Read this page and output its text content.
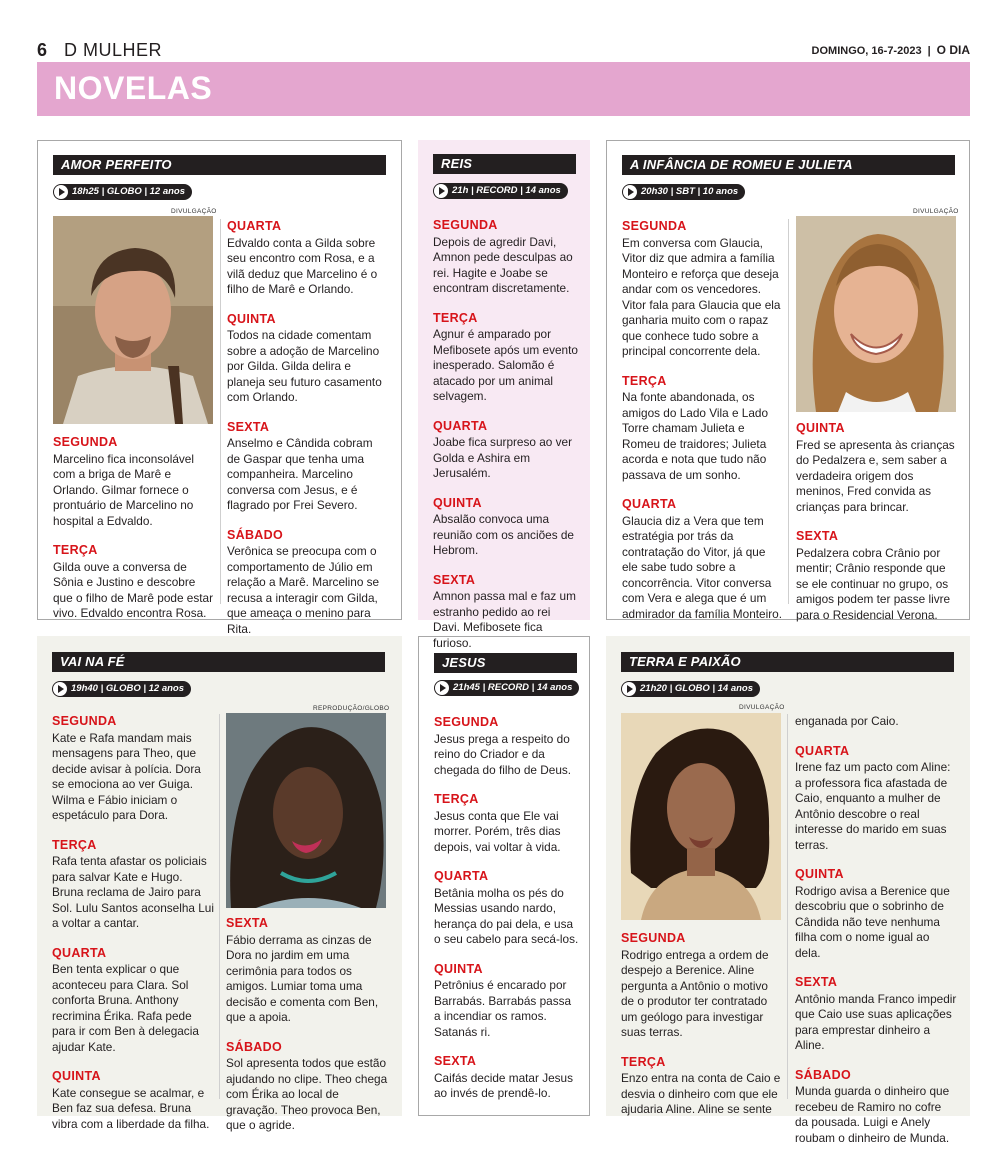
6 D MULHER	DOMINGO, 16-7-2023 | O DIA
NOVELAS
AMOR PERFEITO
18h25 | GLOBO | 12 anos
DIVULGAÇÃO
SEGUNDA

Marcelino fica inconsolável com a briga de Marê e Orlando. Gilmar fornece o prontuário de Marcelino no hospital a Edvaldo.

TERÇA

Gilda ouve a conversa de Sônia e Justino e descobre que o filho de Marê pode estar vivo. Edvaldo encontra Rosa.

QUARTA

Edvaldo conta a Gilda sobre seu encontro com Rosa, e a vilã deduz que Marcelino é o filho de Marê e Orlando.

QUINTA

Todos na cidade comentam sobre a adoção de Marcelino por Gilda. Gilda delira e planeja seu futuro casamento com Orlando.

SEXTA

Anselmo e Cândida cobram de Gaspar que tenha uma companheira. Marcelino conversa com Jesus, e é flagrado por Frei Severo.

SÁBADO

Verônica se preocupa com o comportamento de Júlio em relação a Marê. Marcelino se recusa a interagir com Gilda, que ameaça o menino para Rita.

REIS
21h | RECORD | 14 anos
SEGUNDA

Depois de agredir Davi, Amnon pede desculpas ao rei. Hagite e Joabe se encontram discretamente.

TERÇA

Agnur é amparado por Mefibosete após um evento inesperado. Salomão é atacado por um animal selvagem.

QUARTA

Joabe fica surpreso ao ver Golda e Ashira em Jerusalém.

QUINTA

Absalão convoca uma reunião com os anciões de Hebrom.

SEXTA

Amnon passa mal e faz um estranho pedido ao rei Davi. Mefibosete fica furioso.

A INFÂNCIA DE ROMEU E JULIETA
20h30 | SBT | 10 anos
DIVULGAÇÃO
SEGUNDA

Em conversa com Glaucia, Vitor diz que admira a família Monteiro e reforça que deseja andar com os vencedores. Vitor fala para Glaucia que ela ganharia muito com o rapaz que conhece tudo sobre a principal concorrente dela.

TERÇA

Na fonte abandonada, os amigos do Lado Vila e Lado Torre chamam Julieta e Romeu de traidores; Julieta acorda e nota que tudo não passava de um sonho.

QUARTA

Glaucia diz a Vera que tem estratégia por trás da contratação do Vitor, já que ele sabe tudo sobre a concorrência. Vitor conversa com Vera e alega que é um admirador da família Monteiro.

QUINTA

Fred se apresenta às crianças do Pedalzera e, sem saber a verdadeira origem dos meninos, Fred convida as crianças para brincar.

SEXTA

Pedalzera cobra Crânio por mentir; Crânio responde que se ele continuar no grupo, os amigos podem ter passe livre para o Residencial Verona.

VAI NA FÉ
19h40 | GLOBO | 12 anos
REPRODUÇÃO/GLOBO
SEGUNDA

Kate e Rafa mandam mais mensagens para Theo, que decide avisar à polícia. Dora se emociona ao ver Guiga. Wilma e Fábio iniciam o espetáculo para Dora.

TERÇA

Rafa tenta afastar os policiais para salvar Kate e Hugo. Bruna reclama de Jairo para Sol. Lulu Santos aconselha Lui a voltar a cantar.

QUARTA

Ben tenta explicar o que aconteceu para Clara. Sol conforta Bruna. Anthony recrimina Érika. Rafa pede para ir com Ben à delegacia ajudar Kate.

QUINTA

Kate consegue se acalmar, e Ben faz sua defesa. Bruna vibra com a liberdade da filha.

SEXTA

Fábio derrama as cinzas de Dora no jardim em uma cerimônia para todos os amigos. Lumiar toma uma decisão e comenta com Ben, que a apoia.

SÁBADO

Sol apresenta todos que estão ajudando no clipe. Theo chega com Érika ao local de gravação. Theo provoca Ben, que o agride.

JESUS
21h45 | RECORD | 14 anos
SEGUNDA

Jesus prega a respeito do reino do Criador e da chegada do filho de Deus.

TERÇA

Jesus conta que Ele vai morrer. Porém, três dias depois, vai voltar à vida.

QUARTA

Betânia molha os pés do Messias usando nardo, herança do pai dela, e usa o seu cabelo para secá-los.

QUINTA

Petrônius é encarado por Barrabás. Barrabás passa a incendiar os ramos. Satanás ri.

SEXTA

Caifás decide matar Jesus ao invés de prendê-lo.

TERRA E PAIXÃO
21h20 | GLOBO | 14 anos
DIVULGAÇÃO
SEGUNDA

Rodrigo entrega a ordem de despejo a Berenice. Aline pergunta a Antônio o motivo de o produtor ter contratado um geólogo para investigar suas terras.

TERÇA

Enzo entra na conta de Caio e desvia o dinheiro com que ele ajudaria Aline. Aline se sente

enganada por Caio.

QUARTA

Irene faz um pacto com Aline: a professora fica afastada de Caio, enquanto a mulher de Antônio descobre o real interesse do marido em suas terras.

QUINTA

Rodrigo avisa a Berenice que descobriu que o sobrinho de Cândida não teve nenhuma filha com o nome igual ao dela.

SEXTA

Antônio manda Franco impedir que Caio use suas aplicações para emprestar dinheiro a Aline.

SÁBADO

Munda guarda o dinheiro que recebeu de Ramiro no cofre da pousada. Luigi e Anely roubam o dinheiro de Munda.
